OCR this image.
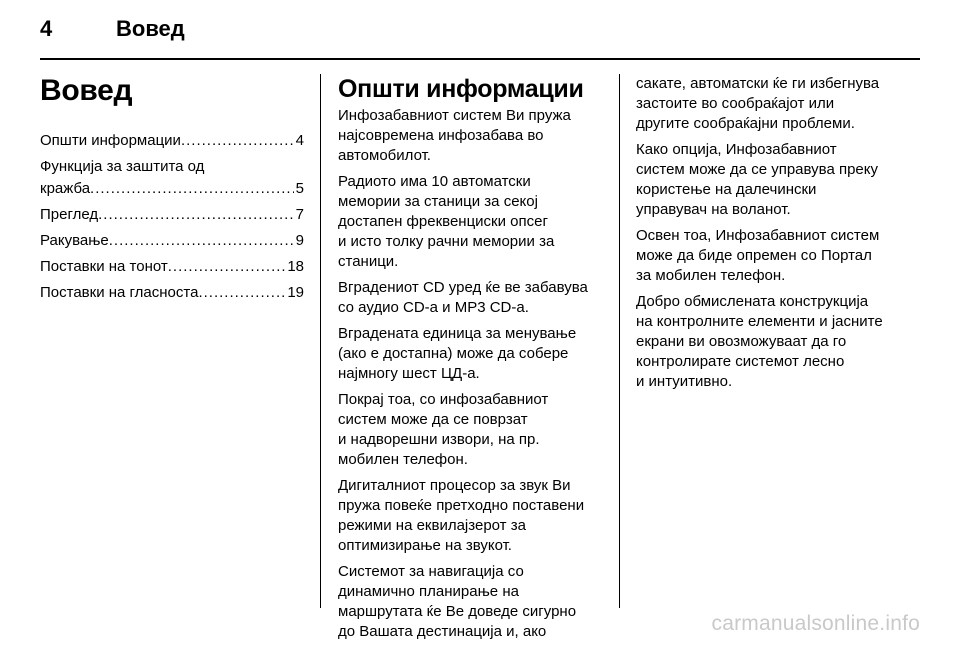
4	Вовед
Вовед
Општи информации .....	4
Функција за заштита од
кражба .....	5
Преглед .....	7
Ракување .....	9
Поставки на тонот .....	18
Поставки на гласноста .....	19
Општи информации

Инфозабавниот систем Ви пружа
најсовремена инфозабава во
автомобилот.

Радиото има 10 автоматски
мемории за станици за секој
достапен фреквенциски опсег
и исто толку рачни мемории за
станици.

Вградениот CD уред ќе ве забавува
со аудио CD-а и MP3 CD-а.

Вградената единица за менување
(ако е достапна) може да собере
најмногу шест ЦД-а.

Покрај тоа, со инфозабавниот
систем може да се поврзат
и надворешни извори, на пр.
мобилен телефон.

Дигиталниот процесор за звук Ви
пружа повеќе претходно поставени
режими на еквилајзерот за
оптимизирање на звукот.

Системот за навигација со
динамично планирање на
маршрутата ќе Ве доведе сигурно
до Вашата дестинација и, ако

сакате, автоматски ќе ги избегнува
застоите во сообраќајот или
другите сообраќајни проблеми.

Како опција, Инфозабавниот
систем може да се управува преку
користење на далечински
управувач на воланот.

Освен тоа, Инфозабавниот систем
може да биде опремен со Портал
за мобилен телефон.

Добро обмислената конструкција
на контролните елементи и јасните
екрани ви овозможуваат да го
контролирате системот лесно
и интуитивно.

carmanualsonline.info
